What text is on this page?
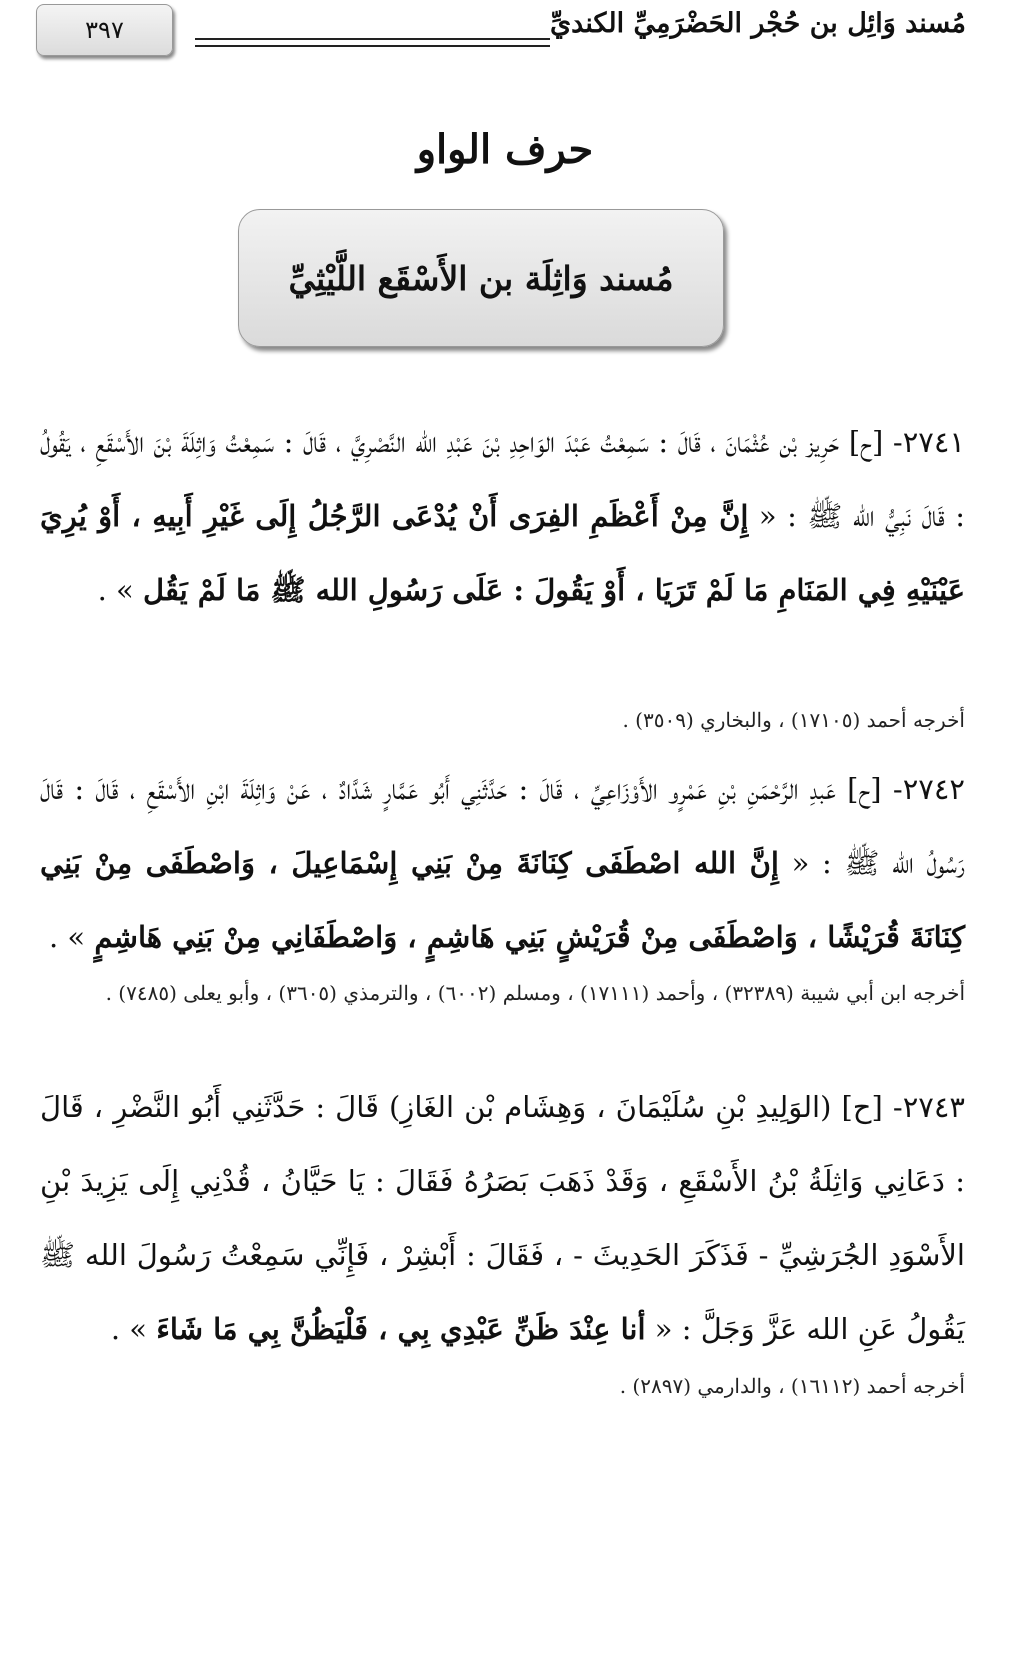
٣٩٧	مُسند وَائِل بن حُجْر الحَضْرَمِيِّ الكنديِّ
حرف الواو
مُسند وَاثِلَة بن الأَسْقَع اللَّيْثِيِّ
٢٧٤١- [ح] حَرِيز بْن عُثْمَانَ ، قَالَ : سَمِعْتُ عَبْدَ الوَاحِدِ بْنَ عَبْدِ الله النَّصْرِيَّ ، قَالَ : سَمِعْتُ وَاثِلَةَ بْنَ الأَسْقَعِ ، يَقُولُ : قَالَ نَبِيُّ الله ﷺ : « إِنَّ مِنْ أَعْظَمِ الفِرَى أَنْ يُدْعَى الرَّجُلُ إِلَى غَيْرِ أَبِيهِ ، أَوْ يُرِيَ عَيْنَيْهِ فِي المَنَامِ مَا لَمْ تَرَيَا ، أَوْ يَقُولَ : عَلَى رَسُولِ الله ﷺ مَا لَمْ يَقُل » .
أخرجه أحمد (١٧١٠٥) ، والبخاري (٣٥٠٩) .
٢٧٤٢- [ح] عَبدِ الرَّحْمَنِ بْنِ عَمْرٍو الأَوْزَاعِيِّ ، قَالَ : حَدَّثَنِي أَبُو عَمَّارٍ شَدَّادٌ ، عَنْ وَاثِلَةَ ابْنِ الأَسْقَعِ ، قَالَ : قَالَ رَسُولُ الله ﷺ : « إِنَّ الله اصْطَفَى كِنَانَةَ مِنْ بَنِي إِسْمَاعِيلَ ، وَاصْطَفَى مِنْ بَنِي كِنَانَةَ قُرَيْشًا ، وَاصْطَفَى مِنْ قُرَيْشٍ بَنِي هَاشِمٍ ، وَاصْطَفَانِي مِنْ بَنِي هَاشِمٍ » .
أخرجه ابن أبي شيبة (٣٢٣٨٩) ، وأحمد (١٧١١١) ، ومسلم (٦٠٠٢) ، والترمذي (٣٦٠٥) ، وأبو يعلى (٧٤٨٥) .
٢٧٤٣- [ح] (الوَلِيدِ بْنِ سُلَيْمَانَ ، وَهِشَام بْن الغَازِ) قَالَ : حَدَّثَنِي أَبُو النَّضْرِ ، قَالَ : دَعَانِي وَاثِلَةُ بْنُ الأَسْقَعِ ، وَقَدْ ذَهَبَ بَصَرُهُ فَقَالَ : يَا حَيَّانُ ، قُدْنِي إِلَى يَزِيدَ بْنِ الأَسْوَدِ الجُرَشِيِّ - فَذَكَرَ الحَدِيثَ - ، فَقَالَ : أَبْشِرْ ، فَإِنِّي سَمِعْتُ رَسُولَ الله ﷺ يَقُولُ عَنِ الله عَزَّ وَجَلَّ : « أنا عِنْدَ ظَنِّ عَبْدِي بِي ، فَلْيَظُنَّ بِي مَا شَاءَ » .
أخرجه أحمد (١٦١١٢) ، والدارمي (٢٨٩٧) .
